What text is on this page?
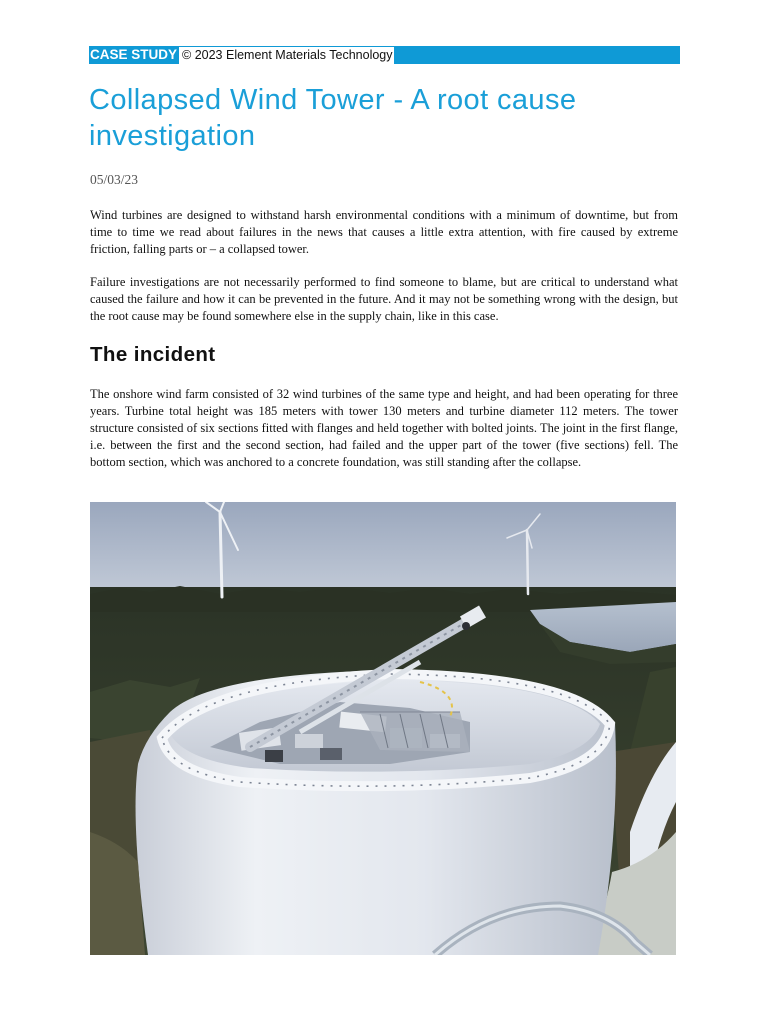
CASE STUDY © 2023 Element Materials Technology
Collapsed Wind Tower - A root cause investigation
05/03/23

Wind turbines are designed to withstand harsh environmental conditions with a minimum of downtime, but from time to time we read about failures in the news that causes a little extra attention, with fire caused by extreme friction, falling parts or – a collapsed tower.

Failure investigations are not necessarily performed to find someone to blame, but are critical to understand what caused the failure and how it can be prevented in the future. And it may not be something wrong with the design, but the root cause may be found somewhere else in the supply chain, like in this case.

The incident

The onshore wind farm consisted of 32 wind turbines of the same type and height, and had been operating for three years. Turbine total height was 185 meters with tower 130 meters and turbine diameter 112 meters. The tower structure consisted of six sections fitted with flanges and held together with bolted joints. The joint in the first flange, i.e. between the first and the second section, had failed and the upper part of the tower (five sections) fell. The bottom section, which was anchored to a concrete foundation, was still standing after the collapse.
